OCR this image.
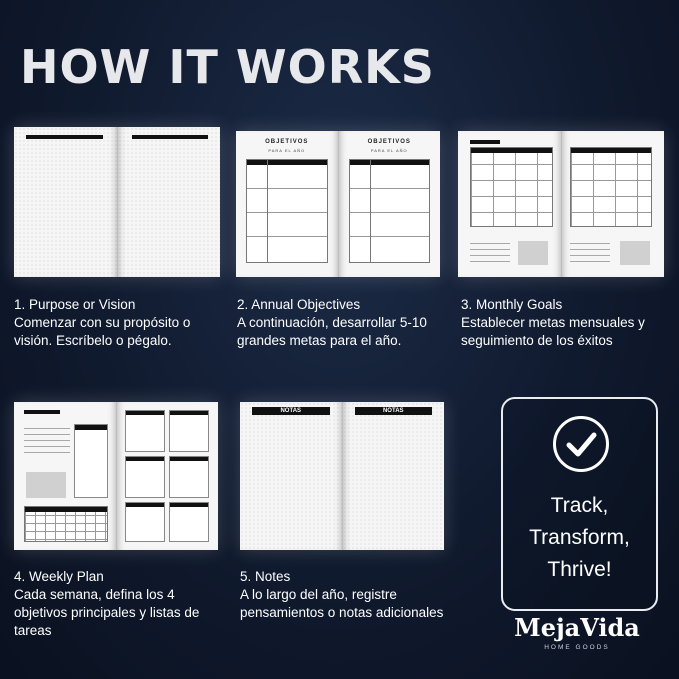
HOW IT WORKS
OBJETIVOS
PARA EL AÑO
OBJETIVOS
PARA EL AÑO
1. Purpose or Vision
Comenzar con su propósito o
visión. Escríbelo o pégalo.
2. Annual Objectives
A continuación, desarrollar 5-10
grandes metas para el año.
3. Monthly Goals
Establecer metas mensuales y
seguimiento de los éxitos
NOTAS	NOTAS
4. Weekly Plan
Cada semana, defina los 4
objetivos principales y listas de
tareas
5. Notes
A lo largo del año, registre
pensamientos o notas adicionales
Track,
Transform,
Thrive!
MejaVida
HOME GOODS
